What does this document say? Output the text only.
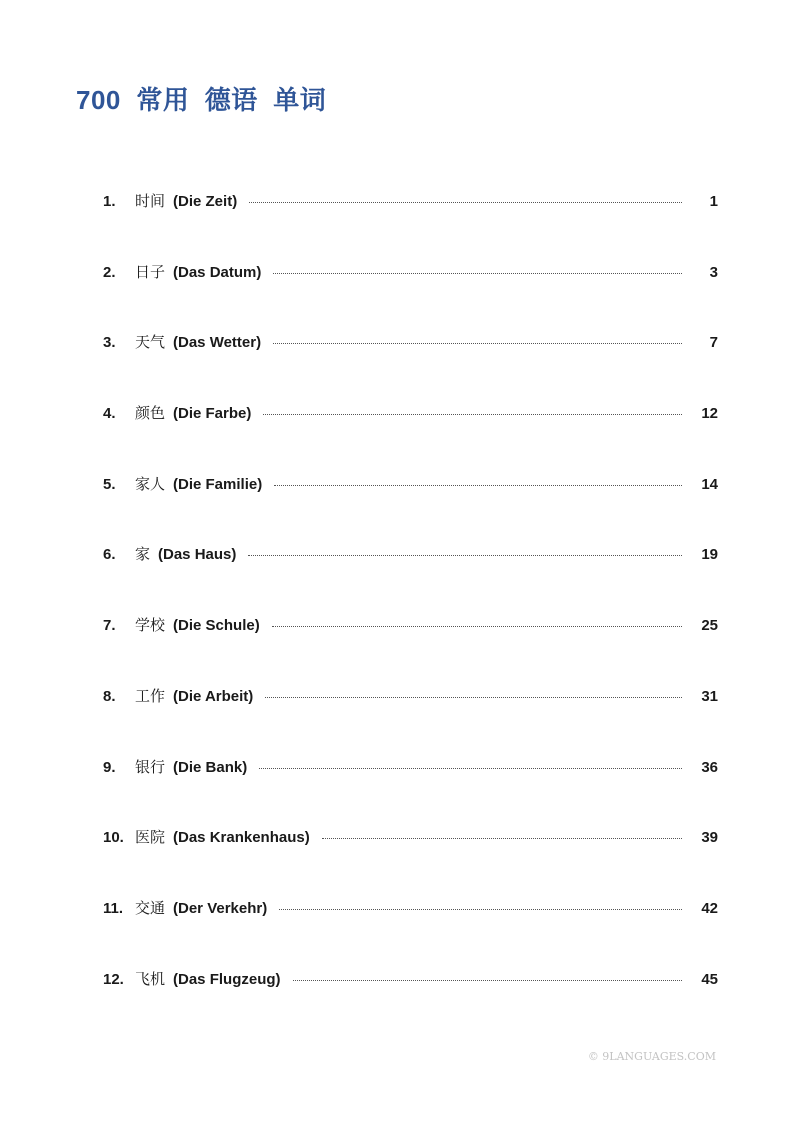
700  常用  德语  单词
1.	时间 (Die Zeit)	1
2.	日子 (Das Datum)	3
3.	天气 (Das Wetter)	7
4.	颜色 (Die Farbe)	12
5.	家人 (Die Familie)	14
6.	家 (Das Haus)	19
7.	学校 (Die Schule)	25
8.	工作 (Die Arbeit)	31
9.	银行 (Die Bank)	36
10. 医院 (Das Krankenhaus)	39
11. 交通 (Der Verkehr)	42
12. 飞机 (Das Flugzeug)	45
© 9LANGUAGES.COM
